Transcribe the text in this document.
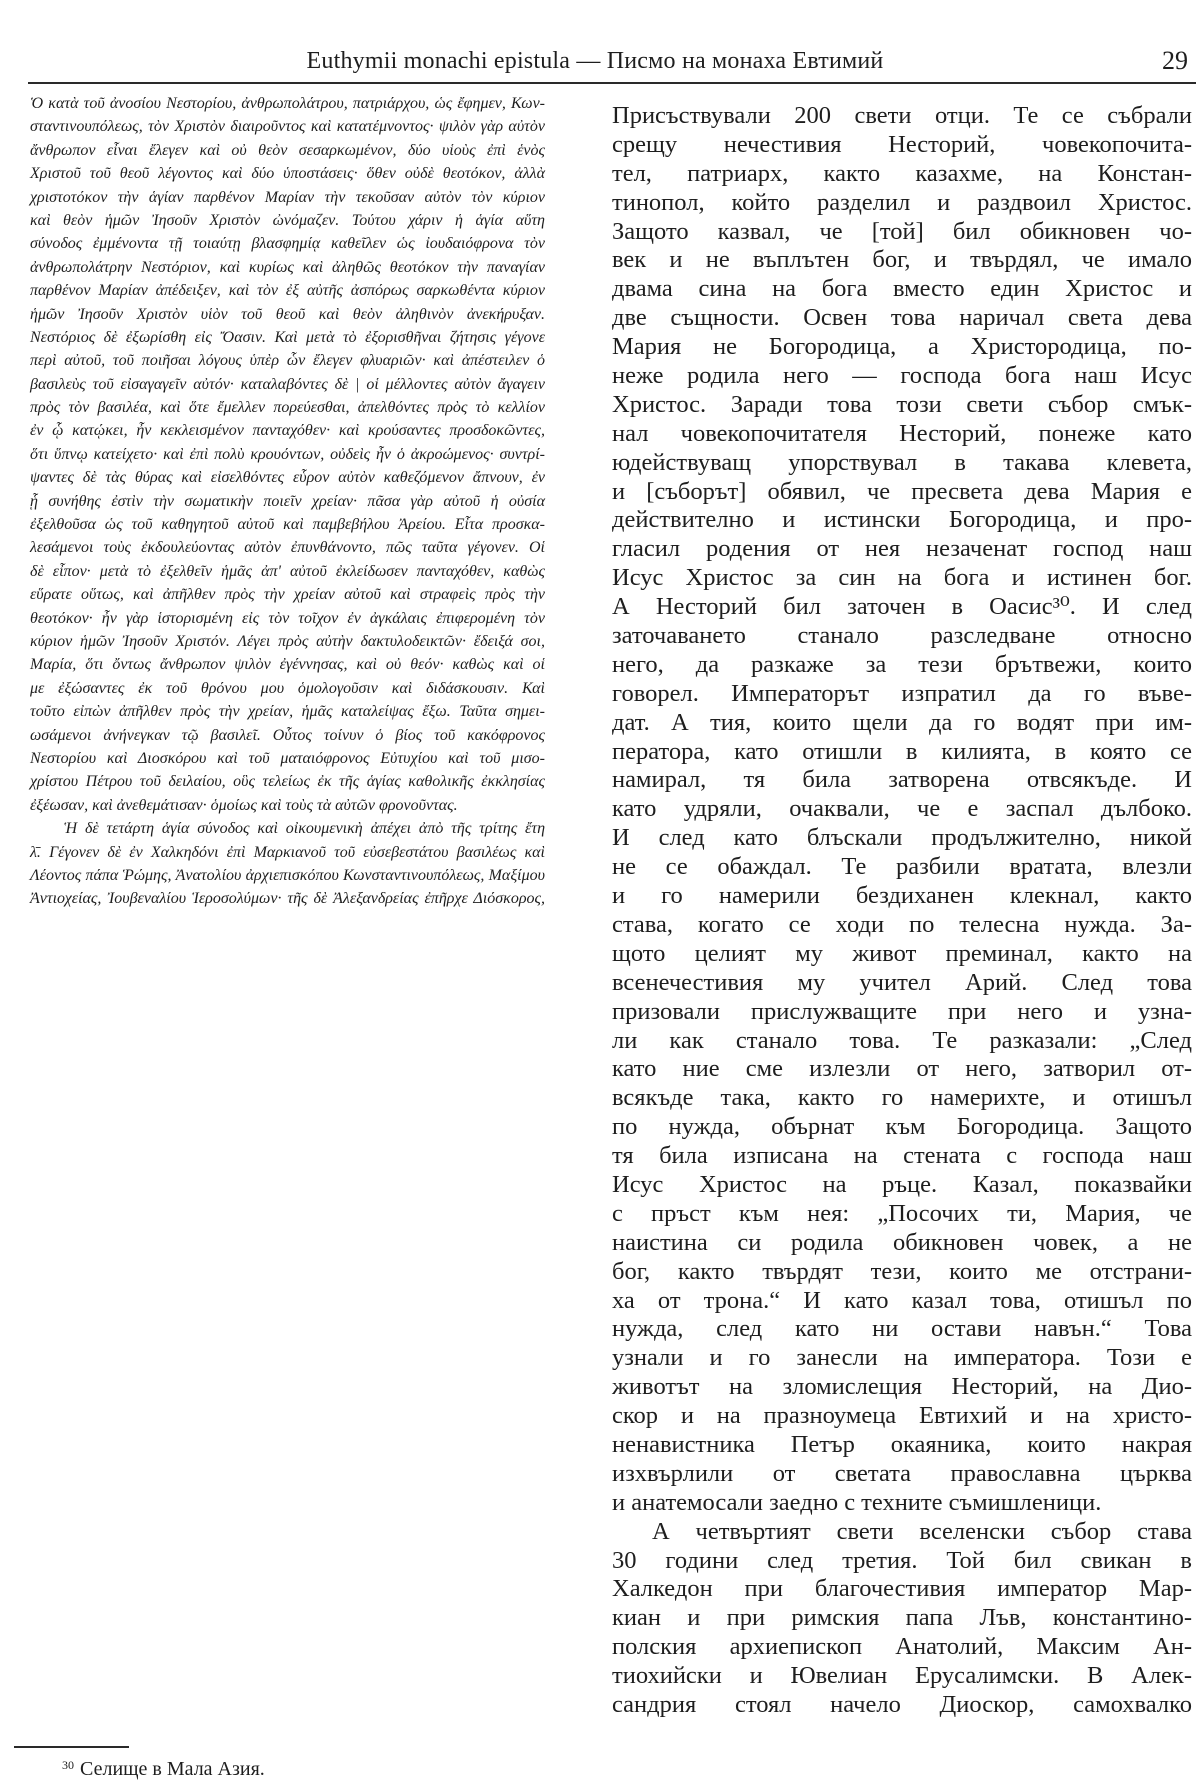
Euthymii monachi epistula — Писмо на монаха Евтимий	29
Ὁ κατὰ τοῦ ἀνοσίου Νεστορίου, ἀνθρωπολάτρου, πατριάρχου, ὡς ἔφημεν, Κων-
σταντινουπόλεως, τὸν Χριστὸν διαιροῦντος καὶ κατατέμνοντος· ψιλὸν γὰρ αὐτὸν
ἄνθρωπον εἶναι ἔλεγεν καὶ οὐ θεὸν σεσαρκωμένον, δύο υἱοὺς ἐπὶ ἑνὸς
Χριστοῦ τοῦ θεοῦ λέγοντος καὶ δύο ὑποστάσεις· ὅθεν οὐδὲ θεοτόκον, ἀλλὰ
χριστοτόκον τὴν ἁγίαν παρθένον Μαρίαν τὴν τεκοῦσαν αὐτὸν τὸν κύριον
καὶ θεὸν ἡμῶν Ἰησοῦν Χριστὸν ὠνόμαζεν. Τούτου χάριν ἡ ἁγία αὕτη
σύνοδος ἐμμένοντα τῇ τοιαύτῃ βλασφημίᾳ καθεῖλεν ὡς ἰουδαιόφρονα τὸν
ἀνθρωπολάτρην Νεστόριον, καὶ κυρίως καὶ ἀληθῶς θεοτόκον τὴν παναγίαν
παρθένον Μαρίαν ἀπέδειξεν, καὶ τὸν ἐξ αὐτῆς ἀσπόρως σαρκωθέντα κύριον
ἡμῶν Ἰησοῦν Χριστὸν υἱὸν τοῦ θεοῦ καὶ θεὸν ἀληθινὸν ἀνεκήρυξαν.
Νεστόριος δὲ ἐξωρίσθη εἰς Ὄασιν. Καὶ μετὰ τὸ ἐξορισθῆναι ζήτησις γέγονε
περὶ αὐτοῦ, τοῦ ποιῆσαι λόγους ὑπὲρ ὧν ἔλεγεν φλυαριῶν· καὶ ἀπέστειλεν ὁ
βασιλεὺς τοῦ εἰσαγαγεῖν αὐτόν· καταλαβόντες δὲ | οἱ μέλλοντες αὐτὸν ἄγαγειν
πρὸς τὸν βασιλέα, καὶ ὅτε ἔμελλεν πορεύεσθαι, ἀπελθόντες πρὸς τὸ κελλίον
ἐν ᾧ κατῴκει, ἦν κεκλεισμένον πανταχόθεν· καὶ κρούσαντες προσδοκῶντες,
ὅτι ὕπνῳ κατείχετο· καὶ ἐπὶ πολὺ κρουόντων, οὐδεὶς ἦν ὁ ἀκροώμενος· συντρί-
ψαντες δὲ τὰς θύρας καὶ εἰσελθόντες εὗρον αὐτὸν καθεζόμενον ἄπνουν, ἐν
ᾗ συνήθης ἐστὶν τὴν σωματικὴν ποιεῖν χρείαν· πᾶσα γὰρ αὐτοῦ ἡ οὐσία
ἐξελθοῦσα ὡς τοῦ καθηγητοῦ αὐτοῦ καὶ παμβεβήλου Ἀρείου. Εἶτα προσκα-
λεσάμενοι τοὺς ἐκδουλεύοντας αὐτὸν ἐπυνθάνοντο, πῶς ταῦτα γέγονεν. Οἱ
δὲ εἶπον· μετὰ τὸ ἐξελθεῖν ἡμᾶς ἀπ' αὐτοῦ ἐκλείδωσεν πανταχόθεν, καθὼς
εὕρατε οὕτως, καὶ ἀπῆλθεν πρὸς τὴν χρείαν αὐτοῦ καὶ στραφεὶς πρὸς τὴν
θεοτόκον· ἦν γὰρ ἱστορισμένη εἰς τὸν τοῖχον ἐν ἀγκάλαις ἐπιφερομένη τὸν
κύριον ἡμῶν Ἰησοῦν Χριστόν. Λέγει πρὸς αὐτὴν δακτυλοδεικτῶν· ἔδειξά σοι,
Μαρία, ὅτι ὄντως ἄνθρωπον ψιλὸν ἐγέννησας, καὶ οὐ θεόν· καθὼς καὶ οἱ
με ἐξώσαντες ἐκ τοῦ θρόνου μου ὁμολογοῦσιν καὶ διδάσκουσιν. Καὶ
τοῦτο εἰπὼν ἀπῆλθεν πρὸς τὴν χρείαν, ἡμᾶς καταλείψας ἔξω. Ταῦτα σημει-
ωσάμενοι ἀνήνεγκαν τῷ βασιλεῖ. Οὗτος τοίνυν ὁ βίος τοῦ κακόφρονος
Νεστορίου καὶ Διοσκόρου καὶ τοῦ ματαιόφρονος Εὐτυχίου καὶ τοῦ μισο-
χρίστου Πέτρου τοῦ δειλαίου, οὓς τελείως ἐκ τῆς ἁγίας καθολικῆς ἐκκλησίας
ἐξέωσαν, καὶ ἀνεθεμάτισαν· ὁμοίως καὶ τοὺς τὰ αὐτῶν φρονοῦντας.
Ἡ δὲ τετάρτη ἁγία σύνοδος καὶ οἰκουμενικὴ ἀπέχει ἀπὸ τῆς τρίτης ἔτη
λ̄. Γέγονεν δὲ ἐν Χαλκηδόνι ἐπὶ Μαρκιανοῦ τοῦ εὐσεβεστάτου βασιλέως καὶ
Λέοντος πάπα Ῥώμης, Ἀνατολίου ἀρχιεπισκόπου Κωνσταντινουπόλεως, Μαξίμου
Ἀντιοχείας, Ἰουβεναλίου Ἱεροσολύμων· τῆς δὲ Ἀλεξανδρείας ἐπῆρχε Διόσκορος,
Присъствували 200 свети отци. Те се събрали
срещу нечестивия Несторий, човекопочита-
тел, патриарх, както казахме, на Констан-
тинопол, който разделил и раздвоил Христос.
Защото казвал, че [той] бил обикновен чо-
век и не въплътен бог, и твърдял, че имало
двама сина на бога вместо един Христос и
две същности. Освен това наричал света дева
Мария не Богородица, а Христородица, по-
неже родила него — господа бога наш Исус
Христос. Заради това този свети събор смък-
нал човекопочитателя Несторий, понеже като
юдействуващ упорствувал в такава клевета,
и [съборът] обявил, че пресвета дева Мария е
действително и истински Богородица, и про-
гласил родения от нея незаченат господ наш
Исус Христос за син на бога и истинен бог.
А Несторий бил заточен в Оасис³⁰. И след
заточаването станало разследване относно
него, да разкаже за тези брътвежи, които
говорел. Императорът изпратил да го въве-
дат. А тия, които щели да го водят при им-
ператора, като отишли в килията, в която се
намирал, тя била затворена отвсякъде. И
като удряли, очаквали, че е заспал дълбоко.
И след като блъскали продължително, никой
не се обаждал. Те разбили вратата, влезли
и го намерили бездиханен клекнал, както
става, когато се ходи по телесна нужда. За-
щото целият му живот преминал, както на
всенечестивия му учител Арий. След това
призовали прислужващите при него и узна-
ли как станало това. Те разказали: „След
като ние сме излезли от него, затворил от-
всякъде така, както го намерихте, и отишъл
по нужда, обърнат към Богородица. Защото
тя била изписана на стената с господа наш
Исус Христос на ръце. Казал, показвайки
с пръст към нея: „Посочих ти, Мария, че
наистина си родила обикновен човек, а не
бог, както твърдят тези, които ме отстрани-
ха от трона.“ И като казал това, отишъл по
нужда, след като ни остави навън.“ Това
узнали и го занесли на императора. Този е
животът на зломислещия Несторий, на Дио-
скор и на празноумеца Евтихий и на христо-
ненавистника Петър окаяника, които накрая
изхвърлили от светата православна църква
и анатемосали заедно с техните съмишленици.
А четвъртият свети вселенски събор става
30 години след третия. Той бил свикан в
Халкедон при благочестивия император Мар-
киан и при римския папа Лъв, константино-
полския архиепископ Анатолий, Максим Ан-
тиохийски и Ювелиан Ерусалимски. В Алек-
сандрия стоял начело Диоскор, самохвалко
$^{30}$ Селище в Мала Азия.
